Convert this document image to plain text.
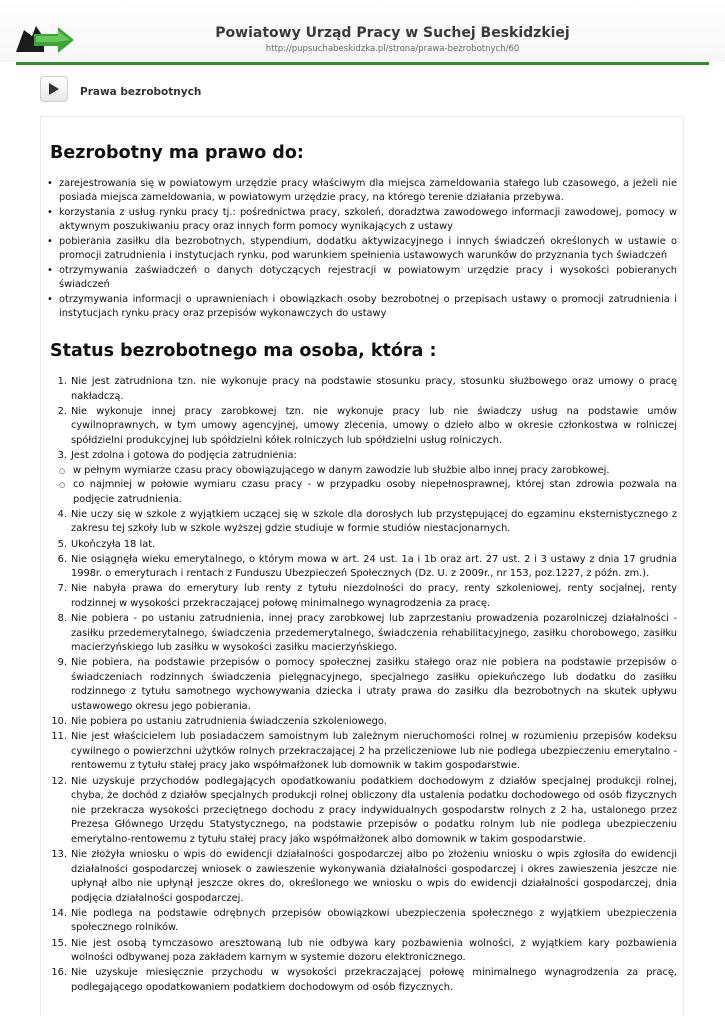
Powiatowy Urząd Pracy w Suchej Beskidzkiej
http://pupsuchabeskidzka.pl/strona/prawa-bezrobotnych/60
Prawa bezrobotnych
Bezrobotny ma prawo do:
• zarejestrowania się w powiatowym urzędzie pracy właściwym dla miejsca zameldowania stałego lub czasowego, a jeżeli nie posiada miejsca zameldowania, w powiatowym urzędzie pracy, na którego terenie działania przebywa.
• korzystania z usług rynku pracy tj.: pośrednictwa pracy, szkoleń, doradztwa zawodowego informacji zawodowej, pomocy w aktywnym poszukiwaniu pracy oraz innych form pomocy wynikających z ustawy
• pobierania zasiłku dla bezrobotnych, stypendium, dodatku aktywizacyjnego i innych świadczeń określonych w ustawie o promocji zatrudnienia i instytucjach rynku, pod warunkiem spełnienia ustawowych warunków do przyznania tych świadczeń
• otrzymywania zaświadczeń o danych dotyczących rejestracji w powiatowym urzędzie pracy i wysokości pobieranych świadczeń
• otrzymywania informacji o uprawnieniach i obowiązkach osoby bezrobotnej o przepisach ustawy o promocji zatrudnienia i instytucjach rynku pracy oraz przepisów wykonawczych do ustawy
Status bezrobotnego ma osoba, która :
1. Nie jest zatrudniona tzn. nie wykonuje pracy na podstawie stosunku pracy, stosunku służbowego oraz umowy o pracę nakładczą.
2. Nie wykonuje innej pracy zarobkowej tzn. nie wykonuje pracy lub nie świadczy usług na podstawie umów cywilnoprawnych, w tym umowy agencyjnej, umowy zlecenia, umowy o dzieło albo w okresie członkostwa w rolniczej spółdzielni produkcyjnej lub spółdzielni kółek rolniczych lub spółdzielni usług rolniczych.
3. Jest zdolna i gotowa do podjęcia zatrudnienia:
○ w pełnym wymiarze czasu pracy obowiązującego w danym zawodzie lub służbie albo innej pracy zarobkowej.
○ co najmniej w połowie wymiaru czasu pracy - w przypadku osoby niepełnosprawnej, której stan zdrowia pozwala na podjęcie zatrudnienia.
4. Nie uczy się w szkole z wyjątkiem uczącej się w szkole dla dorosłych lub przystępującej do egzaminu eksternistycznego z zakresu tej szkoły lub w szkole wyższej gdzie studiuje w formie studiów niestacjonarnych.
5. Ukończyła 18 lat.
6. Nie osiągnęła wieku emerytalnego, o którym mowa w art. 24 ust. 1a i 1b oraz art. 27 ust. 2 i 3 ustawy z dnia 17 grudnia 1998r. o emeryturach i rentach z Funduszu Ubezpieczeń Społecznych (Dz. U. z 2009r., nr 153, poz.1227, z późn. zm.).
7. Nie nabyła prawa do emerytury lub renty z tytułu niezdolności do pracy, renty szkoleniowej, renty socjalnej, renty rodzinnej w wysokości przekraczającej połowę minimalnego wynagrodzenia za pracę.
8. Nie pobiera - po ustaniu zatrudnienia, innej pracy zarobkowej lub zaprzestaniu prowadzenia pozarolniczej działalności - zasiłku przedemerytalnego, świadczenia przedemerytalnego, świadczenia rehabilitacyjnego, zasiłku chorobowego, zasiłku macierzyńskiego lub zasiłku w wysokości zasiłku macierzyńskiego.
9. Nie pobiera, na podstawie przepisów o pomocy społecznej zasiłku stałego oraz nie pobiera na podstawie przepisów o świadczeniach rodzinnych świadczenia pielęgnacyjnego, specjalnego zasiłku opiekuńczego lub dodatku do zasiłku rodzinnego z tytułu samotnego wychowywania dziecka i utraty prawa do zasiłku dla bezrobotnych na skutek upływu ustawowego okresu jego pobierania.
10. Nie pobiera po ustaniu zatrudnienia świadczenia szkoleniowego.
11. Nie jest właścicielem lub posiadaczem samoistnym lub zależnym nieruchomości rolnej w rozumieniu przepisów kodeksu cywilnego o powierzchni użytków rolnych przekraczającej 2 ha przeliczeniowe lub nie podlega ubezpieczeniu emerytalno - rentowemu z tytułu stałej pracy jako współmałżonek lub domownik w takim gospodarstwie.
12. Nie uzyskuje przychodów podlegających opodatkowaniu podatkiem dochodowym z działów specjalnej produkcji rolnej, chyba, że dochód z działów specjalnych produkcji rolnej obliczony dla ustalenia podatku dochodowego od osób fizycznych nie przekracza wysokości przeciętnego dochodu z pracy indywidualnych gospodarstw rolnych z 2 ha, ustalonego przez Prezesa Głównego Urzędu Statystycznego, na podstawie przepisów o podatku rolnym lub nie podlega ubezpieczeniu emerytalno-rentowemu z tytułu stałej pracy jako współmałżonek albo domownik w takim gospodarstwie.
13. Nie złożyła wniosku o wpis do ewidencji działalności gospodarczej albo po złożeniu wniosku o wpis zgłosiła do ewidencji działalności gospodarczej wniosek o zawieszenie wykonywania działalności gospodarczej i okres zawieszenia jeszcze nie upłynął albo nie upłynął jeszcze okres do, określonego we wniosku o wpis do ewidencji działalności gospodarczej, dnia podjęcia działalności gospodarczej.
14. Nie podlega na podstawie odrębnych przepisów obowiązkowi ubezpieczenia społecznego z wyjątkiem ubezpieczenia społecznego rolników.
15. Nie jest osobą tymczasowo aresztowaną lub nie odbywa kary pozbawienia wolności, z wyjątkiem kary pozbawienia wolności odbywanej poza zakładem karnym w systemie dozoru elektronicznego.
16. Nie uzyskuje miesięcznie przychodu w wysokości przekraczającej połowę minimalnego wynagrodzenia za pracę, podlegającego opodatkowaniem podatkiem dochodowym od osób fizycznych.
